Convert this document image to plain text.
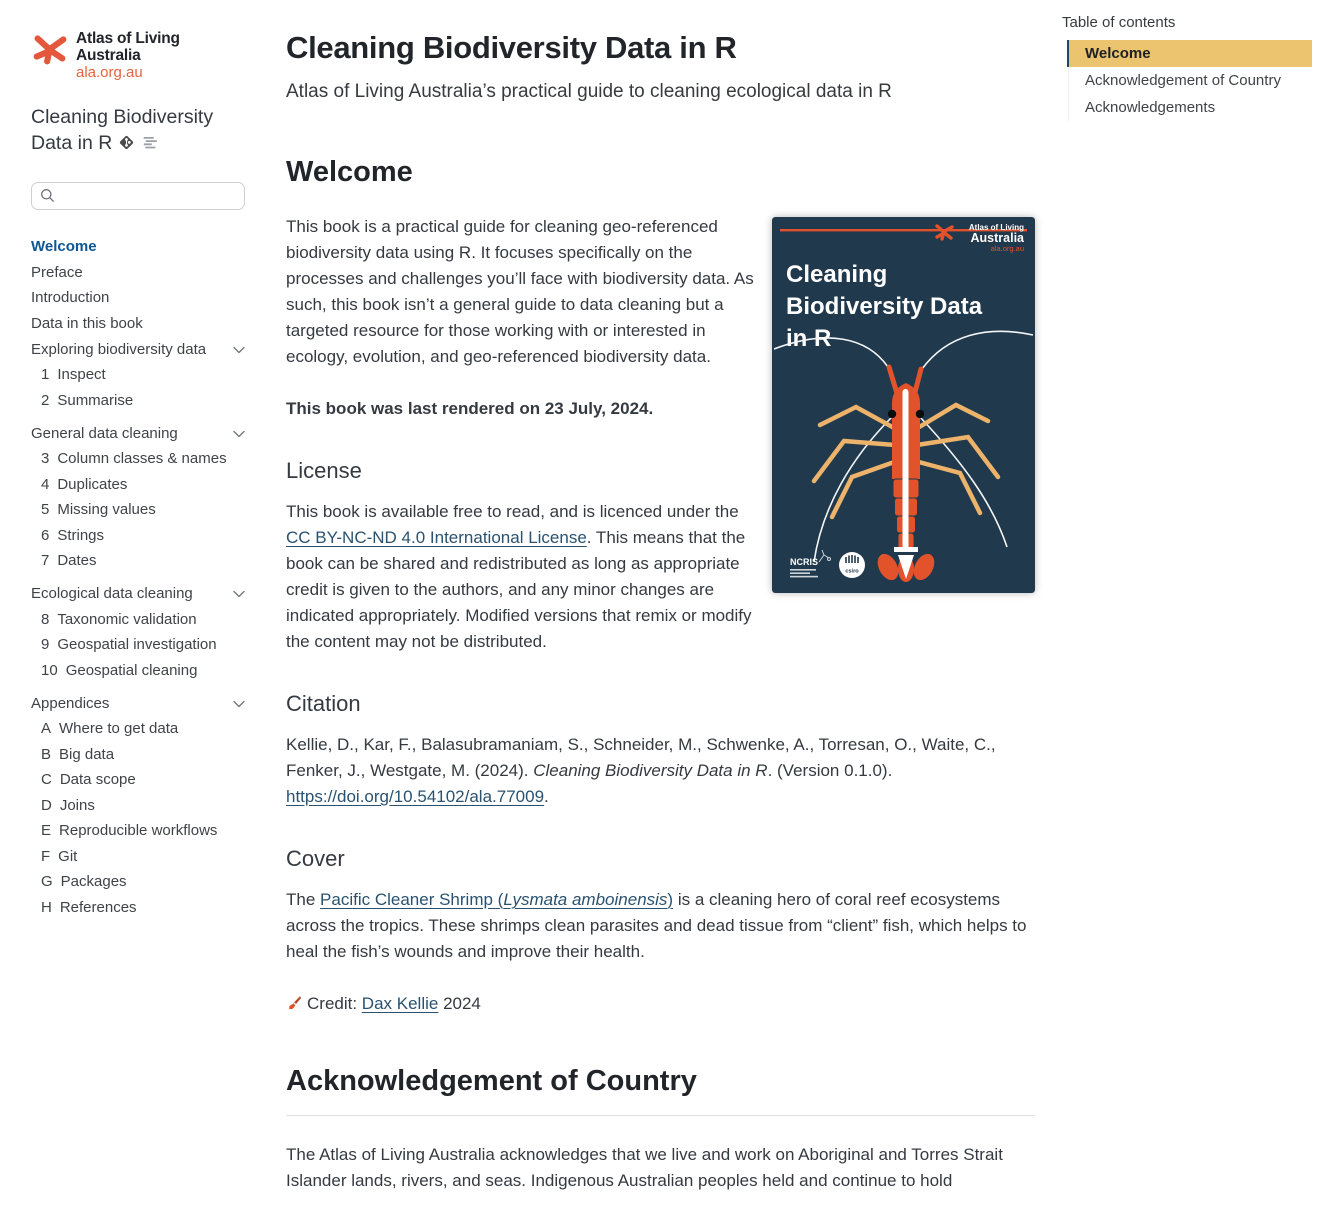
Atlas of Living Australia
ala.org.au
Cleaning Biodiversity Data in R
Welcome
Preface
Introduction
Data in this book
Exploring biodiversity data
1 Inspect
2 Summarise
General data cleaning
3 Column classes & names
4 Duplicates
5 Missing values
6 Strings
7 Dates
Ecological data cleaning
8 Taxonomic validation
9 Geospatial investigation
10 Geospatial cleaning
Appendices
A Where to get data
B Big data
C Data scope
D Joins
E Reproducible workflows
F Git
G Packages
H References
Cleaning Biodiversity Data in R
Atlas of Living Australia’s practical guide to cleaning ecological data in R
Welcome
Atlas of Living
Australia
ala.org.au
Cleaning
Biodiversity Data
in R
NCRIS
csiro

This book is a practical guide for cleaning geo-referenced biodiversity data using R. It focuses specifically on the processes and challenges you’ll face with biodiversity data. As such, this book isn’t a general guide to data cleaning but a targeted resource for those working with or interested in ecology, evolution, and geo-referenced biodiversity data.

This book was last rendered on 23 July, 2024.

License

This book is available free to read, and is licenced under the CC BY-NC-ND 4.0 International License. This means that the book can be shared and redistributed as long as appropriate credit is given to the authors, and any minor changes are indicated appropriately. Modified versions that remix or modify the content may not be distributed.

Citation

Kellie, D., Kar, F., Balasubramaniam, S., Schneider, M., Schwenke, A., Torresan, O., Waite, C., Fenker, J., Westgate, M. (2024). Cleaning Biodiversity Data in R. (Version 0.1.0). https://doi.org/10.54102/ala.77009.

Cover

The Pacific Cleaner Shrimp (Lysmata amboinensis) is a cleaning hero of coral reef ecosystems across the tropics. These shrimps clean parasites and dead tissue from “client” fish, which helps to heal the fish’s wounds and improve their health.

Credit: Dax Kellie 2024

Acknowledgement of Country

The Atlas of Living Australia acknowledges that we live and work on Aboriginal and Torres Strait Islander lands, rivers, and seas. Indigenous Australian peoples held and continue to hold

Table of contents
Welcome
Acknowledgement of Country
Acknowledgements
